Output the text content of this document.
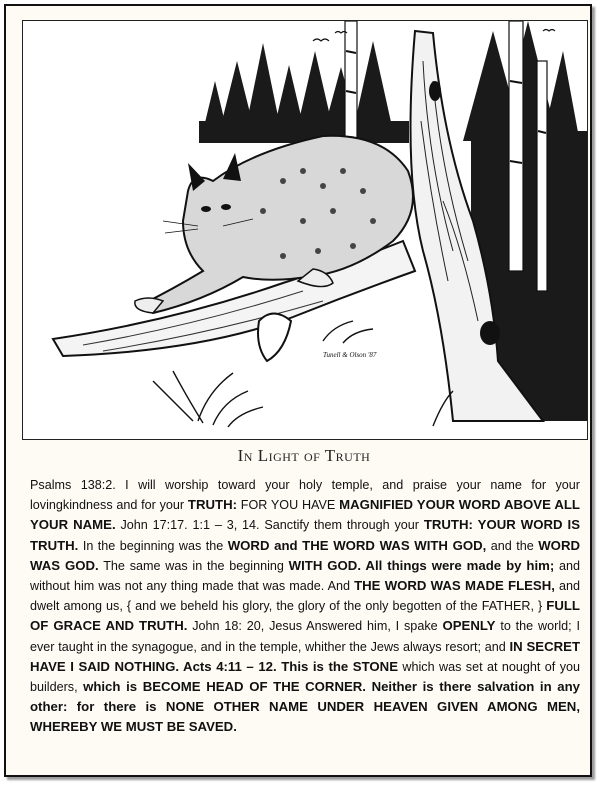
Tunell & Olson '87
In Light of Truth
Psalms 138:2. I will worship toward your holy temple, and praise your name for your lovingkindness and for your TRUTH: FOR YOU HAVE MAGNIFIED YOUR WORD ABOVE ALL YOUR NAME. John 17:17. 1:1 – 3, 14. Sanctify them through your TRUTH: YOUR WORD IS TRUTH. In the beginning was the WORD and THE WORD WAS WITH GOD, and the WORD WAS GOD. The same was in the beginning WITH GOD. All things were made by him; and without him was not any thing made that was made. And THE WORD WAS MADE FLESH, and dwelt among us, { and we beheld his glory, the glory of the only begotten of the FATHER, } FULL OF GRACE AND TRUTH. John 18: 20, Jesus Answered him, I spake OPENLY to the world; I ever taught in the synagogue, and in the temple, whither the Jews always resort; and IN SECRET HAVE I SAID NOTHING. Acts 4:11 – 12. This is the STONE which was set at nought of you builders, which is BECOME HEAD OF THE CORNER. Neither is there salvation in any other: for there is NONE OTHER NAME UNDER HEAVEN GIVEN AMONG MEN, WHEREBY WE MUST BE SAVED.
